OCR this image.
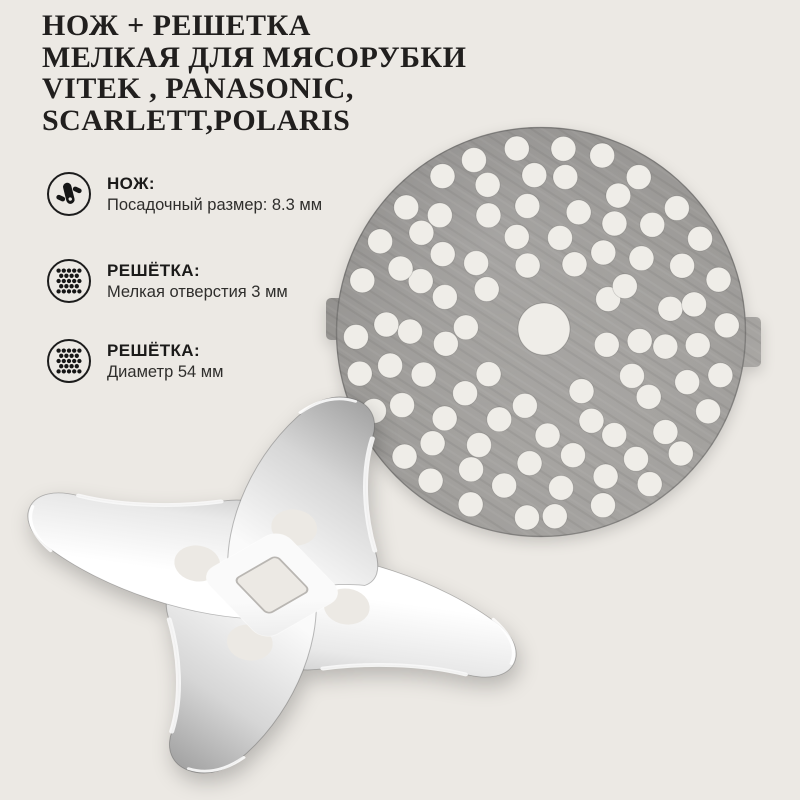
НОЖ + РЕШЕТКА
МЕЛКАЯ ДЛЯ МЯСОРУБКИ
VITEK , PANASONIC,
SCARLETT,POLARIS
НОЖ:
Посадочный размер: 8.3 мм
РЕШЁТКА:
Мелкая отверстия 3 мм
РЕШЁТКА:
Диаметр 54 мм
